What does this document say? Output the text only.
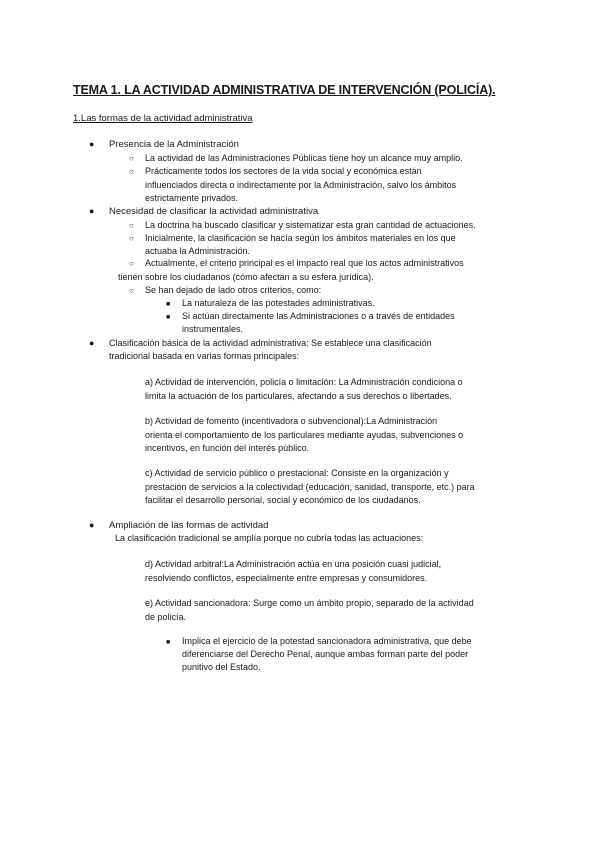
TEMA 1. LA ACTIVIDAD ADMINISTRATIVA DE INTERVENCIÓN (POLICÍA).
1.Las formas de la actividad administrativa
● Presencia de la Administración
○ La actividad de las Administraciones Públicas tiene hoy un alcance muy amplio.
○ Prácticamente todos los sectores de la vida social y económica están
influenciados directa o indirectamente por la Administración, salvo los ámbitos
estrictamente privados.
● Necesidad de clasificar la actividad administrativa
○ La doctrina ha buscado clasificar y sistematizar esta gran cantidad de actuaciones.
○ Inicialmente, la clasificación se hacía según los ámbitos materiales en los que
actuaba la Administración.
○ Actualmente, el criterio principal es el impacto real que los actos administrativos
tienen sobre los ciudadanos (cómo afectan a su esfera jurídica).
○ Se han dejado de lado otros criterios, como:
■ La naturaleza de las potestades administrativas.
■ Si actúan directamente las Administraciones o a través de entidades
instrumentales.
● Clasificación básica de la actividad administrativa: Se establece una clasificación
tradicional basada en varias formas principales:
a) Actividad de intervención, policía o limitación: La Administración condiciona o
limita la actuación de los particulares, afectando a sus derechos o libertades.
b) Actividad de fomento (incentivadora o subvencional):La Administración
orienta el comportamiento de los particulares mediante ayudas, subvenciones o
incentivos, en función del interés público.
c) Actividad de servicio público o prestacional: Consiste en la organización y
prestación de servicios a la colectividad (educación, sanidad, transporte, etc.) para
facilitar el desarrollo personal, social y económico de los ciudadanos.
● Ampliación de las formas de actividad
La clasificación tradicional se amplía porque no cubría todas las actuaciones:
d) Actividad arbitral:La Administración actúa en una posición cuasi judicial,
resolviendo conflictos, especialmente entre empresas y consumidores.
e) Actividad sancionadora: Surge como un ámbito propio, separado de la actividad
de policía.
■ Implica el ejercicio de la potestad sancionadora administrativa, que debe
diferenciarse del Derecho Penal, aunque ambas forman parte del poder
punitivo del Estado.
